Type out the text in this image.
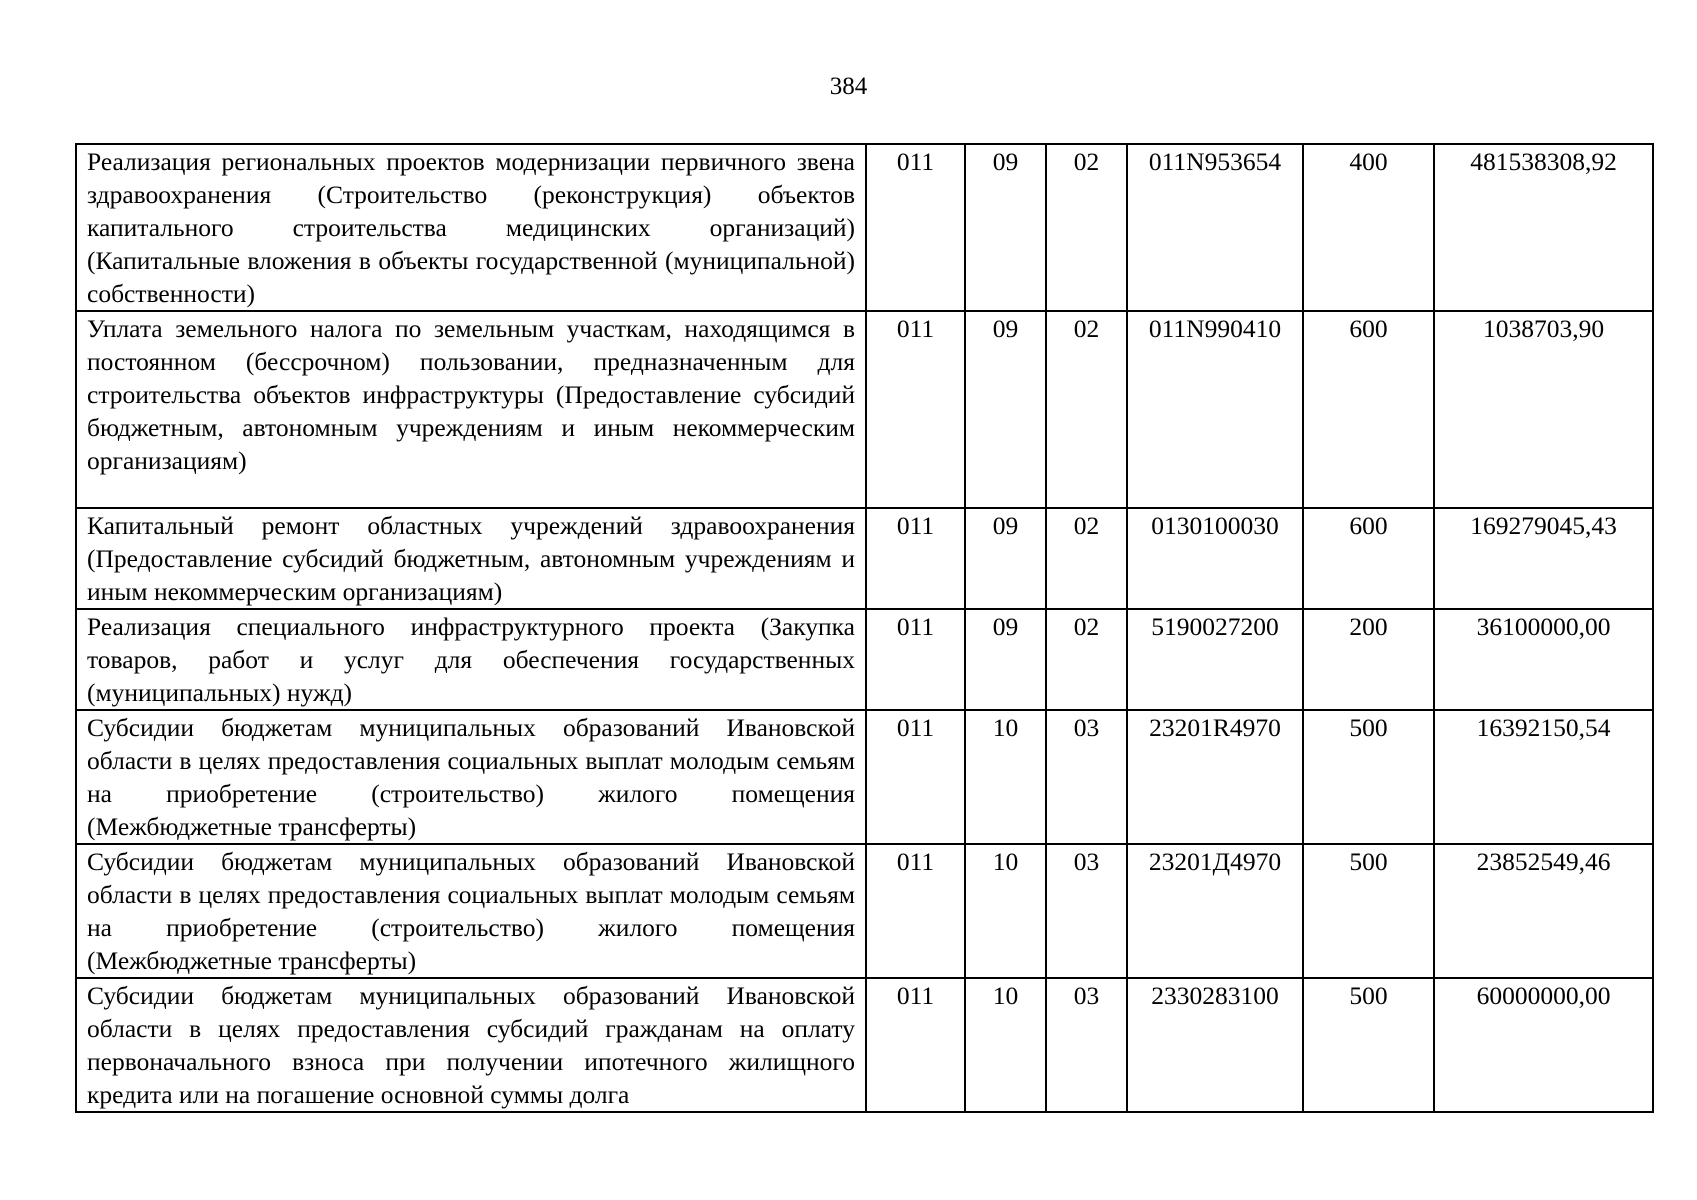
384
Реализация региональных проектов модернизации первичного звена здравоохранения (Строительство (реконструкция) объектов капитального строительства медицинских организаций) (Капитальные вложения в объекты государственной (муниципальной) собственности)	011	09	02	011N953654	400	481538308,92
Уплата земельного налога по земельным участкам, находящимся в постоянном (бессрочном) пользовании, предназначенным для строительства объектов инфраструктуры (Предоставление субсидий бюджетным, автономным учреждениям и иным некоммерческим организациям)	011	09	02	011N990410	600	1038703,90
Капитальный ремонт областных учреждений здравоохранения (Предоставление субсидий бюджетным, автономным учреждениям и иным некоммерческим организациям)	011	09	02	0130100030	600	169279045,43
Реализация специального инфраструктурного проекта (Закупка товаров, работ и услуг для обеспечения государственных (муниципальных) нужд)	011	09	02	5190027200	200	36100000,00
Субсидии бюджетам муниципальных образований Ивановской области в целях предоставления социальных выплат молодым семьям на приобретение (строительство) жилого помещения (Межбюджетные трансферты)	011	10	03	23201R4970	500	16392150,54
Субсидии бюджетам муниципальных образований Ивановской области в целях предоставления социальных выплат молодым семьям на приобретение (строительство) жилого помещения (Межбюджетные трансферты)	011	10	03	23201Д4970	500	23852549,46
Субсидии бюджетам муниципальных образований Ивановской области в целях предоставления субсидий гражданам на оплату первоначального взноса при получении ипотечного жилищного кредита или на погашение основной суммы долга	011	10	03	2330283100	500	60000000,00
